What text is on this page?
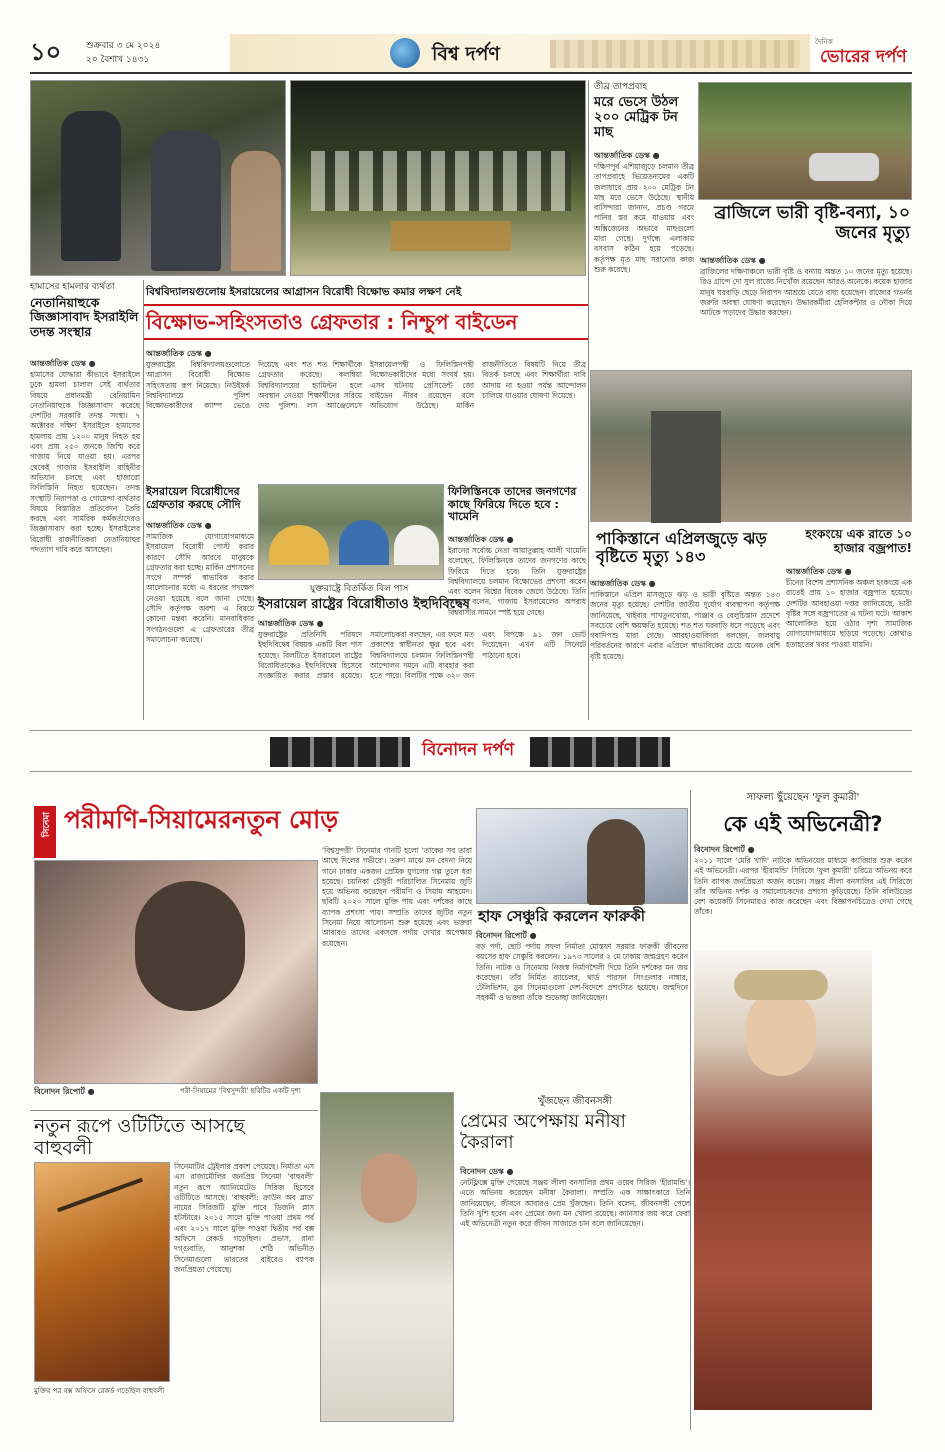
১০	শুক্রবার ৩ মে ২০২৪
২০ বৈশাখ ১৪৩১	বিশ্ব দর্পণ
দৈনিক
ভোরের দর্পণ
তীব্র তাপপ্রবাহ
মরে ভেসে উঠল ২০০ মেট্রিক টন মাছ
আন্তর্জাতিক ডেস্ক ●
দক্ষিণপূর্ব এশিয়াজুড়ে চলমান তীব্র তাপপ্রবাহে ভিয়েতনামের একটি জলাধারে প্রায় ২০০ মেট্রিক টন মাছ মরে ভেসে উঠেছে। স্থানীয় বাসিন্দারা জানান, প্রচণ্ড গরমে পানির স্তর কমে যাওয়ায় এবং অক্সিজেনের অভাবে মাছগুলো মারা গেছে। দুর্গন্ধে এলাকায় বসবাস কঠিন হয়ে পড়েছে। কর্তৃপক্ষ মৃত মাছ সরানোর কাজ শুরু করেছে।
ব্রাজিলে ভারী বৃষ্টি-বন্যা, ১০ জনের মৃত্যু
আন্তর্জাতিক ডেস্ক ●
ব্রাজিলের দক্ষিণাঞ্চলে ভারী বৃষ্টি ও বন্যায় অন্তত ১০ জনের মৃত্যু হয়েছে। রিও গ্রান্দে দো সুল রাজ্যে নিখোঁজ রয়েছেন আরও অনেকে। কয়েক হাজার মানুষ ঘরবাড়ি ছেড়ে নিরাপদ আশ্রয়ে যেতে বাধ্য হয়েছেন। রাজ্যের গভর্নর জরুরি অবস্থা ঘোষণা করেছেন। উদ্ধারকর্মীরা হেলিকপ্টার ও নৌকা দিয়ে আটকে পড়াদের উদ্ধার করছেন।
বিশ্ববিদ্যালয়গুলোয় ইসরায়েলের আগ্রাসন বিরোধী বিক্ষোভ কমার লক্ষণ নেই
বিক্ষোভ-সহিংসতাও গ্রেফতার : নিশ্চুপ বাইডেন
আন্তর্জাতিক ডেস্ক ●
যুক্তরাষ্ট্রের বিশ্ববিদ্যালয়গুলোতে আগ্রাসন বিরোধী বিক্ষোভ সহিংসতায় রূপ নিয়েছে। নিউইয়র্ক বিশ্ববিদ্যালয়ে পুলিশ বিক্ষোভকারীদের ক্যাম্প ভেঙে দিয়েছে এবং শত শত শিক্ষার্থীকে গ্রেফতার করেছে। কলম্বিয়া বিশ্ববিদ্যালয়ের হ্যামিল্টন হলে অবস্থান নেওয়া শিক্ষার্থীদের সরিয়ে দেয় পুলিশ। লস অ্যাঞ্জেলেসে ইসরায়েলপন্থী ও ফিলিস্তিনপন্থী বিক্ষোভকারীদের মধ্যে সংঘর্ষ হয়। এসব ঘটনায় প্রেসিডেন্ট জো বাইডেন নীরব রয়েছেন বলে অভিযোগ উঠেছে। মার্কিন রাজনীতিতে বিষয়টি নিয়ে তীব্র বিতর্ক চলছে এবং শিক্ষার্থীরা দাবি আদায় না হওয়া পর্যন্ত আন্দোলন চালিয়ে যাওয়ার ঘোষণা দিয়েছে।
হামাসের হামলার ব্যর্থতা
নেতানিয়াহুকে জিজ্ঞাসাবাদ ইসরাইলি তদন্ত সংস্থার
আন্তর্জাতিক ডেস্ক ●
হামাসের যোদ্ধারা কীভাবে ইসরাইলে ঢুকে হামলা চালাল সেই ব্যর্থতার বিষয়ে প্রধানমন্ত্রী বেনিয়ামিন নেতানিয়াহুকে জিজ্ঞাসাবাদ করেছে দেশটির সরকারি তদন্ত সংস্থা। ৭ অক্টোবর দক্ষিণ ইসরাইলে হামাসের হামলায় প্রায় ১২০০ মানুষ নিহত হয় এবং প্রায় ২৫০ জনকে জিম্মি করে গাজায় নিয়ে যাওয়া হয়। এরপর থেকেই গাজায় ইসরাইলি বাহিনীর অভিযান চলছে এবং হাজারো ফিলিস্তিনি নিহত হয়েছেন। তদন্ত সংস্থাটি নিরাপত্তা ও গোয়েন্দা ব্যর্থতার বিষয়ে বিস্তারিত প্রতিবেদন তৈরি করছে এবং সামরিক কর্মকর্তাদেরও জিজ্ঞাসাবাদ করা হচ্ছে। ইসরাইলের বিরোধী রাজনীতিকরা নেতানিয়াহুর পদত্যাগ দাবি করে আসছেন।
ইসরায়েল বিরোধীদের গ্রেফতার করছে সৌদি
আন্তর্জাতিক ডেস্ক ●
সামাজিক যোগাযোগমাধ্যমে ইসরায়েল বিরোধী পোস্ট করার কারণে সৌদি আরবে মানুষকে গ্রেফতার করা হচ্ছে। মার্কিন প্রশাসনের সংগে সম্পর্ক স্বাভাবিক করার আলোচনার মধ্যে এ ধরনের পদক্ষেপ নেওয়া হয়েছে বলে জানা গেছে। সৌদি কর্তৃপক্ষ অবশ্য এ বিষয়ে কোনো মন্তব্য করেনি। মানবাধিকার সংগঠনগুলো এ গ্রেফতারের তীব্র সমালোচনা করেছে।
যুক্তরাষ্ট্রে বিতর্কিত বিল পাস
ইসরায়েল রাষ্ট্রের বিরোধীতাও ইহুদিবিদ্বেষ
আন্তর্জাতিক ডেস্ক ●
যুক্তরাষ্ট্রের প্রতিনিধি পরিষদে ইহুদিবিদ্বেষ বিষয়ক একটি বিল পাস হয়েছে। বিলটিতে ইসরায়েল রাষ্ট্রের বিরোধিতাকেও ইহুদিবিদ্বেষ হিসেবে সংজ্ঞায়িত করার প্রস্তাব রয়েছে। সমালোচকরা বলছেন, এর ফলে মত প্রকাশের স্বাধীনতা ক্ষুণ্ণ হবে এবং বিশ্ববিদ্যালয়ে চলমান ফিলিস্তিনপন্থী আন্দোলন দমনে এটি ব্যবহার করা হতে পারে। বিলটির পক্ষে ৩২০ জন এবং বিপক্ষে ৯১ জন ভোট দিয়েছেন। এখন এটি সিনেটে পাঠানো হবে।
ফিলিস্তিনকে তাদের জনগণের কাছে ফিরিয়ে দিতে হবে : খামেনি
আন্তর্জাতিক ডেস্ক ●
ইরানের সর্বোচ্চ নেতা আয়াতুল্লাহ আলী খামেনি বলেছেন, ফিলিস্তিনকে তাদের জনগণের কাছে ফিরিয়ে দিতে হবে। তিনি যুক্তরাষ্ট্রের বিশ্ববিদ্যালয়ে চলমান বিক্ষোভের প্রশংসা করেন এবং বলেন বিশ্বের বিবেক জেগে উঠেছে। তিনি আরও বলেন, গাজায় ইসরায়েলের অপরাধ বিশ্ববাসীর সামনে স্পষ্ট হয়ে গেছে।
পাকিস্তানে এপ্রিলজুড়ে ঝড় বৃষ্টিতে মৃত্যু ১৪৩
আন্তর্জাতিক ডেস্ক ●
পাকিস্তানে এপ্রিল মাসজুড়ে ঝড় ও ভারী বৃষ্টিতে অন্তত ১৪৩ জনের মৃত্যু হয়েছে। দেশটির জাতীয় দুর্যোগ ব্যবস্থাপনা কর্তৃপক্ষ জানিয়েছে, খাইবার পাখতুনখোয়া, পাঞ্জাব ও বেলুচিস্তান প্রদেশে সবচেয়ে বেশি ক্ষয়ক্ষতি হয়েছে। শত শত ঘরবাড়ি ধসে পড়েছে এবং গবাদিপশু মারা গেছে। আবহাওয়াবিদরা বলছেন, জলবায়ু পরিবর্তনের কারণে এবার এপ্রিলে স্বাভাবিকের চেয়ে অনেক বেশি বৃষ্টি হয়েছে।
হংকংয়ে এক রাতে ১০ হাজার বজ্রপাত!
আন্তর্জাতিক ডেস্ক ●
চীনের বিশেষ প্রশাসনিক অঞ্চল হংকংয়ে এক রাতেই প্রায় ১০ হাজার বজ্রপাত হয়েছে। দেশটির আবহাওয়া দপ্তর জানিয়েছে, ভারী বৃষ্টির সঙ্গে বজ্রপাতের এ ঘটনা ঘটে। আকাশ আলোকিত হয়ে ওঠার দৃশ্য সামাজিক যোগাযোগমাধ্যমে ছড়িয়ে পড়েছে। কোথাও হতাহতের খবর পাওয়া যায়নি।
বিনোদন দর্পণ
সিনেমা পরীমণি-সিয়ামেরনতুন মোড়
বিনোদন রিপোর্ট ●	পরী-সিয়ামের 'বিশ্বসুন্দরী' ছবিটির একটি দৃশ্য
'বিশ্বসুন্দরী' সিনেমার গানটি হলো 'তাকের সব তারা আছে দিলের গভীরে'। তরুণ মাঝে মন বেদনা নিয়ে গানে ঢাকার একজন প্রেমিক যুগলের গল্প তুলে ধরা হয়েছে। চয়নিকা চৌধুরী পরিচালিত সিনেমায় জুটি হয়ে অভিনয় করেছেন পরীমণি ও সিয়াম আহমেদ। ছবিটি ২০২০ সালে মুক্তি পায় এবং দর্শকের কাছে ব্যাপক প্রশংসা পায়। সম্প্রতি তাদের জুটির নতুন সিনেমা নিয়ে আলোচনা শুরু হয়েছে এবং ভক্তরা আবারও তাদের একসঙ্গে পর্দায় দেখার অপেক্ষায় রয়েছেন।
হাফ সেঞ্চুরি করলেন ফারুকী
বিনোদন রিপোর্ট ●
বড় পর্দা, ছোট পর্দায় সফল নির্মাতা মোস্তফা সরয়ার ফারুকী জীবনের বয়সের হাফ সেঞ্চুরি করলেন। ১৯৭৩ সালের ২ মে ঢাকায় জন্মগ্রহণ করেন তিনি। নাটক ও সিনেমায় নিজস্ব নির্মাণশৈলী দিয়ে তিনি দর্শকের মন জয় করেছেন। তাঁর নির্মিত ব্যাচেলর, থার্ড পারসন সিংগুলার নাম্বার, টেলিভিশন, ডুব সিনেমাগুলো দেশ-বিদেশে প্রশংসিত হয়েছে। জন্মদিনে সহকর্মী ও ভক্তরা তাঁকে শুভেচ্ছা জানিয়েছেন।
সাফল্য ছুঁয়েছেন 'ফুল কুমারী'
কে এই অভিনেত্রী?
বিনোদন রিপোর্ট ●
২০১১ সালে 'মেরি খাদি' নাটকে অভিনয়ের মাধ্যমে ক্যারিয়ার শুরু করেন এই অভিনেত্রী। এরপর 'হীরামন্ডি' সিরিজে 'ফুল কুমারী' চরিত্রে অভিনয় করে তিনি ব্যাপক জনপ্রিয়তা অর্জন করেন। সঞ্জয় লীলা বনসালির এই সিরিজে তাঁর অভিনয় দর্শক ও সমালোচকদের প্রশংসা কুড়িয়েছে। তিনি বলিউডের বেশ কয়েকটি সিনেমায়ও কাজ করেছেন এবং বিজ্ঞাপনচিত্রেও দেখা গেছে তাঁকে।
নতুন রূপে ওটিটিতে আসছে বাহুবলী
মুক্তির পর বক্স অফিসে রেকর্ড গড়েছিল বাহুবলী
সিনেমাটির ট্রেইলার প্রকাশ পেয়েছে। নির্মাতা এস এস রাজামৌলির জনপ্রিয় সিনেমা 'বাহুবলী' নতুন রূপে অ্যানিমেটেড সিরিজ হিসেবে ওটিটিতে আসছে। 'বাহুবলী: ক্রাউন অব ব্লাড' নামের সিরিজটি মুক্তি পাবে ডিজনি প্লাস হটস্টারে। ২০১৫ সালে মুক্তি পাওয়া প্রথম পর্ব এবং ২০১৭ সালে মুক্তি পাওয়া দ্বিতীয় পর্ব বক্স অফিসে রেকর্ড গড়েছিল। প্রভাস, রানা দগ্গুবাতি, আনুশকা শেঠি অভিনীত সিনেমাগুলো ভারতের বাইরেও ব্যাপক জনপ্রিয়তা পেয়েছে।
খুঁজছেন জীবনসঙ্গী
প্রেমের অপেক্ষায় মনীষা কৈরালা
বিনোদন ডেস্ক ●
নেটফ্লিক্সে মুক্তি পেয়েছে সঞ্জয় লীলা বনসালির প্রথম ওয়েব সিরিজ 'হীরামন্ডি'। এতে অভিনয় করেছেন মনীষা কৈরালা। সম্প্রতি এক সাক্ষাৎকারে তিনি জানিয়েছেন, জীবনে আবারও প্রেম খুঁজছেন। তিনি বলেন, জীবনসঙ্গী পেলে তিনি খুশি হবেন এবং প্রেমের জন্য মন খোলা রয়েছে। ক্যানসার জয় করে ফেরা এই অভিনেত্রী নতুন করে জীবন সাজাতে চান বলে জানিয়েছেন।
